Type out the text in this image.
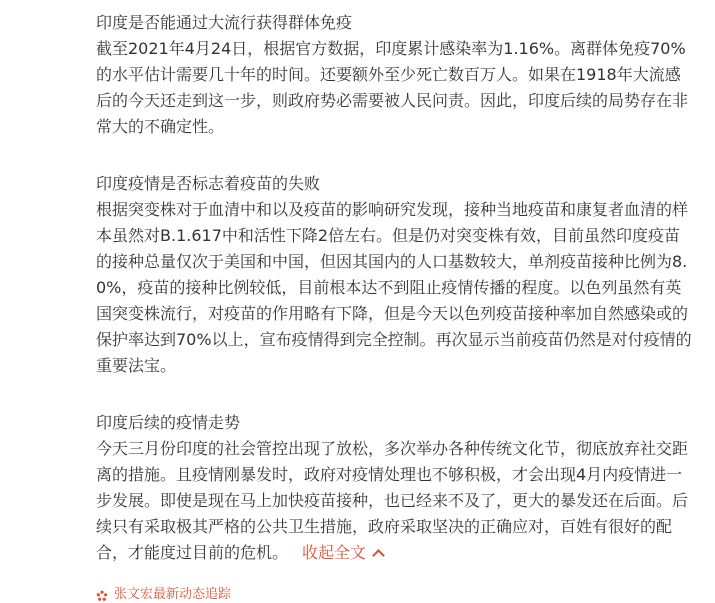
印度是否能通过大流行获得群体免疫

截至2021年4月24日，根据官方数据，印度累计感染率为1.16%。离群体免疫70%的水平估计需要几十年的时间。还要额外至少死亡数百万人。如果在1918年大流感后的今天还走到这一步，则政府势必需要被人民问责。因此，印度后续的局势存在非常大的不确定性。

印度疫情是否标志着疫苗的失败

根据突变株对于血清中和以及疫苗的影响研究发现，接种当地疫苗和康复者血清的样本虽然对B.1.617中和活性下降2倍左右。但是仍对突变株有效，目前虽然印度疫苗的接种总量仅次于美国和中国，但因其国内的人口基数较大，单剂疫苗接种比例为8.0%，疫苗的接种比例较低，目前根本达不到阻止疫情传播的程度。以色列虽然有英国突变株流行，对疫苗的作用略有下降，但是今天以色列疫苗接种率加自然感染或的保护率达到70%以上，宣布疫情得到完全控制。再次显示当前疫苗仍然是对付疫情的重要法宝。

印度后续的疫情走势

今天三月份印度的社会管控出现了放松，多次举办各种传统文化节，彻底放弃社交距离的措施。且疫情刚暴发时，政府对疫情处理也不够积极，才会出现4月内疫情进一步发展。即使是现在马上加快疫苗接种，也已经来不及了，更大的暴发还在后面。后续只有采取极其严格的公共卫生措施，政府采取坚决的正确应对，百姓有很好的配合，才能度过目前的危机。 收起全文

张文宏最新动态追踪
